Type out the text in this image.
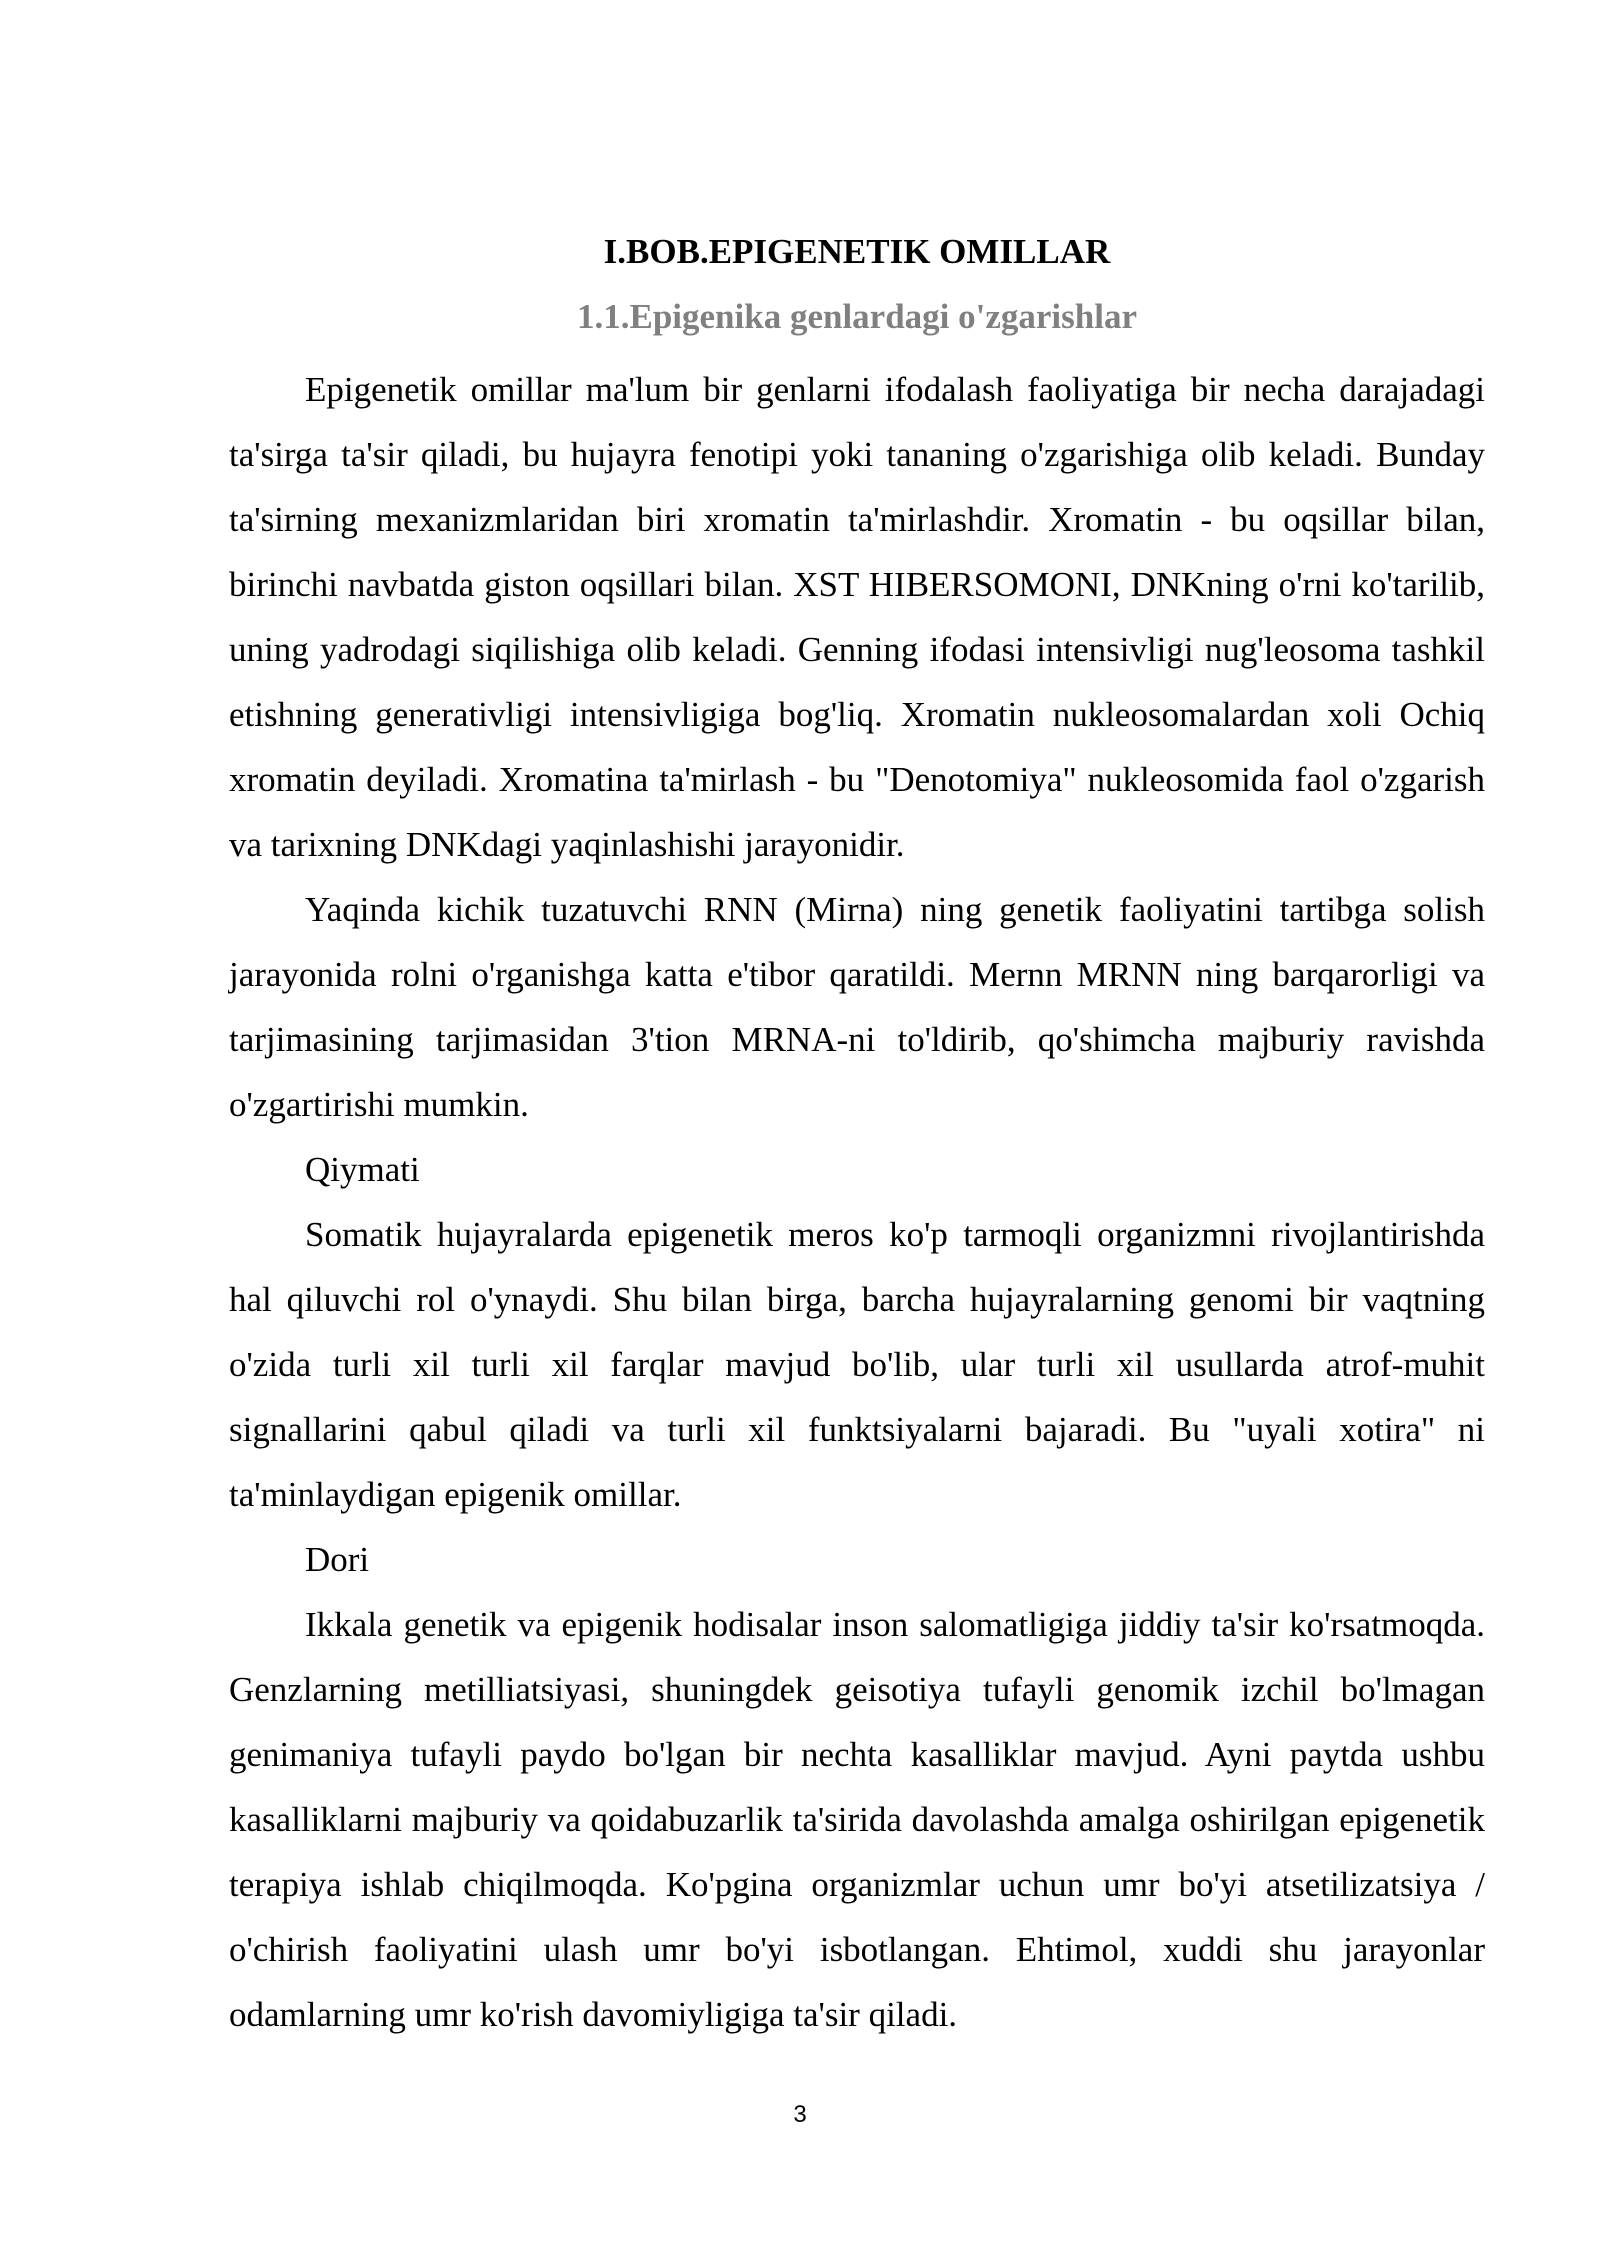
I.BOB.EPIGENETIK OMILLAR
1.1.Epigenika genlardagi o'zgarishlar

Epigenetik omillar ma'lum bir genlarni ifodalash faoliyatiga bir necha darajadagi ta'sirga ta'sir qiladi, bu hujayra fenotipi yoki tananing o'zgarishiga olib keladi. Bunday ta'sirning mexanizmlaridan biri xromatin ta'mirlashdir. Xromatin - bu oqsillar bilan, birinchi navbatda giston oqsillari bilan. XST HIBERSOMONI, DNKning o'rni ko'tarilib, uning yadrodagi siqilishiga olib keladi. Genning ifodasi intensivligi nug'leosoma tashkil etishning generativligi intensivligiga bog'liq. Xromatin nukleosomalardan xoli Ochiq xromatin deyiladi. Xromatina ta'mirlash - bu "Denotomiya" nukleosomida faol o'zgarish va tarixning DNKdagi yaqinlashishi jarayonidir.

Yaqinda kichik tuzatuvchi RNN (Mirna) ning genetik faoliyatini tartibga solish jarayonida rolni o'rganishga katta e'tibor qaratildi. Mernn MRNN ning barqarorligi va tarjimasining tarjimasidan 3'tion MRNA-ni to'ldirib, qo'shimcha majburiy ravishda o'zgartirishi mumkin.

Qiymati

Somatik hujayralarda epigenetik meros ko'p tarmoqli organizmni rivojlantirishda hal qiluvchi rol o'ynaydi. Shu bilan birga, barcha hujayralarning genomi bir vaqtning o'zida turli xil turli xil farqlar mavjud bo'lib, ular turli xil usullarda atrof-muhit signallarini qabul qiladi va turli xil funktsiyalarni bajaradi. Bu "uyali xotira" ni ta'minlaydigan epigenik omillar.

Dori

Ikkala genetik va epigenik hodisalar inson salomatligiga jiddiy ta'sir ko'rsatmoqda. Genzlarning metilliatsiyasi, shuningdek geisotiya tufayli genomik izchil bo'lmagan genimaniya tufayli paydo bo'lgan bir nechta kasalliklar mavjud. Ayni paytda ushbu kasalliklarni majburiy va qoidabuzarlik ta'sirida davolashda amalga oshirilgan epigenetik terapiya ishlab chiqilmoqda. Ko'pgina organizmlar uchun umr bo'yi atsetilizatsiya / o'chirish faoliyatini ulash umr bo'yi isbotlangan. Ehtimol, xuddi shu jarayonlar odamlarning umr ko'rish davomiyligiga ta'sir qiladi.

3
